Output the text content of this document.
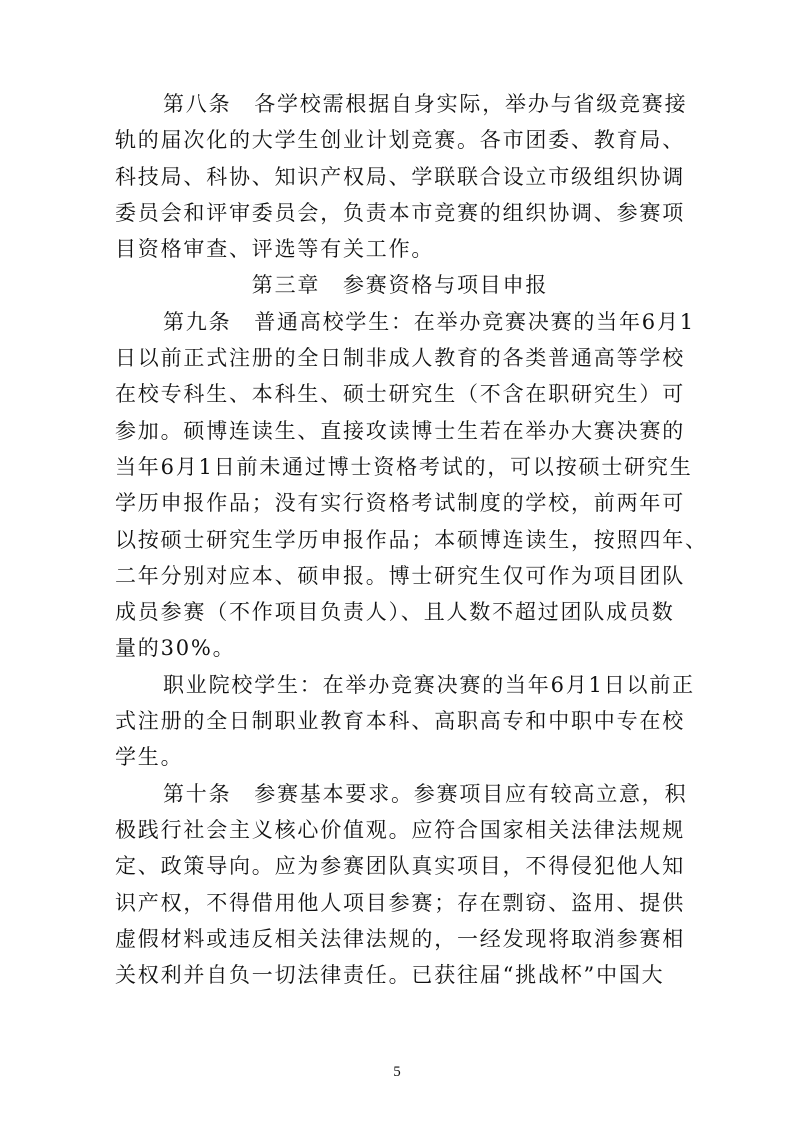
第八条　各学校需根据自身实际，举办与省级竞赛接
轨的届次化的大学生创业计划竞赛。各市团委、教育局、
科技局、科协、知识产权局、学联联合设立市级组织协调
委员会和评审委员会，负责本市竞赛的组织协调、参赛项
目资格审查、评选等有关工作。
第三章　参赛资格与项目申报
第九条　普通高校学生：在举办竞赛决赛的当年6月1
日以前正式注册的全日制非成人教育的各类普通高等学校
在校专科生、本科生、硕士研究生（不含在职研究生）可
参加。硕博连读生、直接攻读博士生若在举办大赛决赛的
当年6月1日前未通过博士资格考试的，可以按硕士研究生
学历申报作品；没有实行资格考试制度的学校，前两年可
以按硕士研究生学历申报作品；本硕博连读生，按照四年、
二年分别对应本、硕申报。博士研究生仅可作为项目团队
成员参赛（不作项目负责人）、且人数不超过团队成员数
量的30%。
职业院校学生：在举办竞赛决赛的当年6月1日以前正
式注册的全日制职业教育本科、高职高专和中职中专在校
学生。
第十条　参赛基本要求。参赛项目应有较高立意，积
极践行社会主义核心价值观。应符合国家相关法律法规规
定、政策导向。应为参赛团队真实项目，不得侵犯他人知
识产权，不得借用他人项目参赛；存在剽窃、盗用、提供
虚假材料或违反相关法律法规的，一经发现将取消参赛相
关权利并自负一切法律责任。已获往届“挑战杯”中国大
5
